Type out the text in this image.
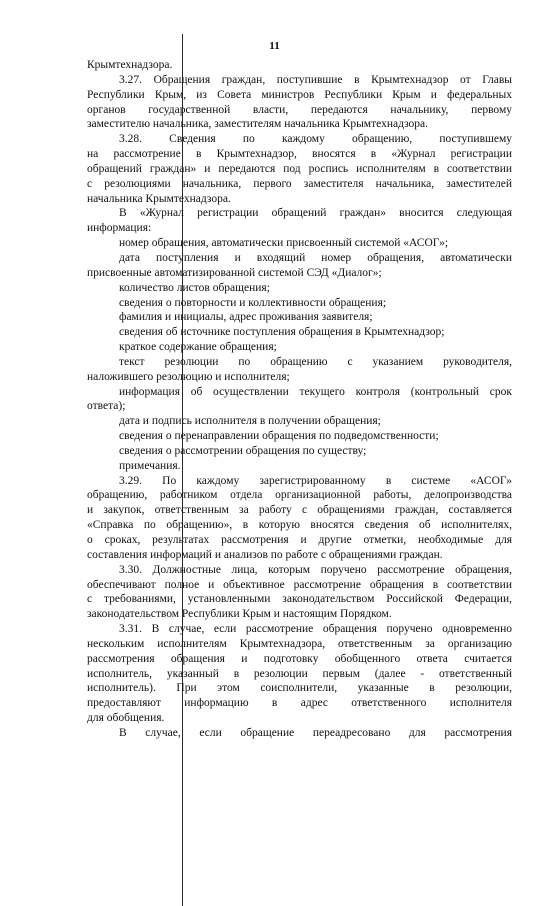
11
Крымтехнадзора.
3.27. Обращения граждан, поступившие в Крымтехнадзор от Главы
Республики Крым, из Совета министров Республики Крым и федеральных
органов государственной власти, передаются начальнику, первому
заместителю начальника, заместителям начальника Крымтехнадзора.
3.28. Сведения по каждому обращению, поступившему
на рассмотрение в Крымтехнадзор, вносятся в «Журнал регистрации
обращений граждан» и передаются под роспись исполнителям в соответствии
с резолюциями начальника, первого заместителя начальника, заместителей
начальника Крымтехнадзора.
В «Журнал регистрации обращений граждан» вносится следующая
информация:
номер обращения, автоматически присвоенный системой «АСОГ»;
дата поступления и входящий номер обращения, автоматически
присвоенные автоматизированной системой СЭД «Диалог»;
количество листов обращения;
сведения о повторности и коллективности обращения;
фамилия и инициалы, адрес проживания заявителя;
сведения об источнике поступления обращения в Крымтехнадзор;
краткое содержание обращения;
текст резолюции по обращению с указанием руководителя,
наложившего резолюцию и исполнителя;
информация об осуществлении текущего контроля (контрольный срок
ответа);
дата и подпись исполнителя в получении обращения;
сведения о перенаправлении обращения по подведомственности;
сведения о рассмотрении обращения по существу;
примечания.
3.29. По каждому зарегистрированному в системе «АСОГ»
обращению, работником отдела организационной работы, делопроизводства
и закупок, ответственным за работу с обращениями граждан, составляется
«Справка по обращению», в которую вносятся сведения об исполнителях,
о сроках, результатах рассмотрения и другие отметки, необходимые для
составления информаций и анализов по работе с обращениями граждан.
3.30. Должностные лица, которым поручено рассмотрение обращения,
обеспечивают полное и объективное рассмотрение обращения в соответствии
с требованиями, установленными законодательством Российской Федерации,
законодательством Республики Крым и настоящим Порядком.
3.31. В случае, если рассмотрение обращения поручено одновременно
нескольким исполнителям Крымтехнадзора, ответственным за организацию
рассмотрения обращения и подготовку обобщенного ответа считается
исполнитель, указанный в резолюции первым (далее - ответственный
исполнитель). При этом соисполнители, указанные в резолюции,
предоставляют информацию в адрес ответственного исполнителя
для обобщения.
В случае, если обращение переадресовано для рассмотрения
